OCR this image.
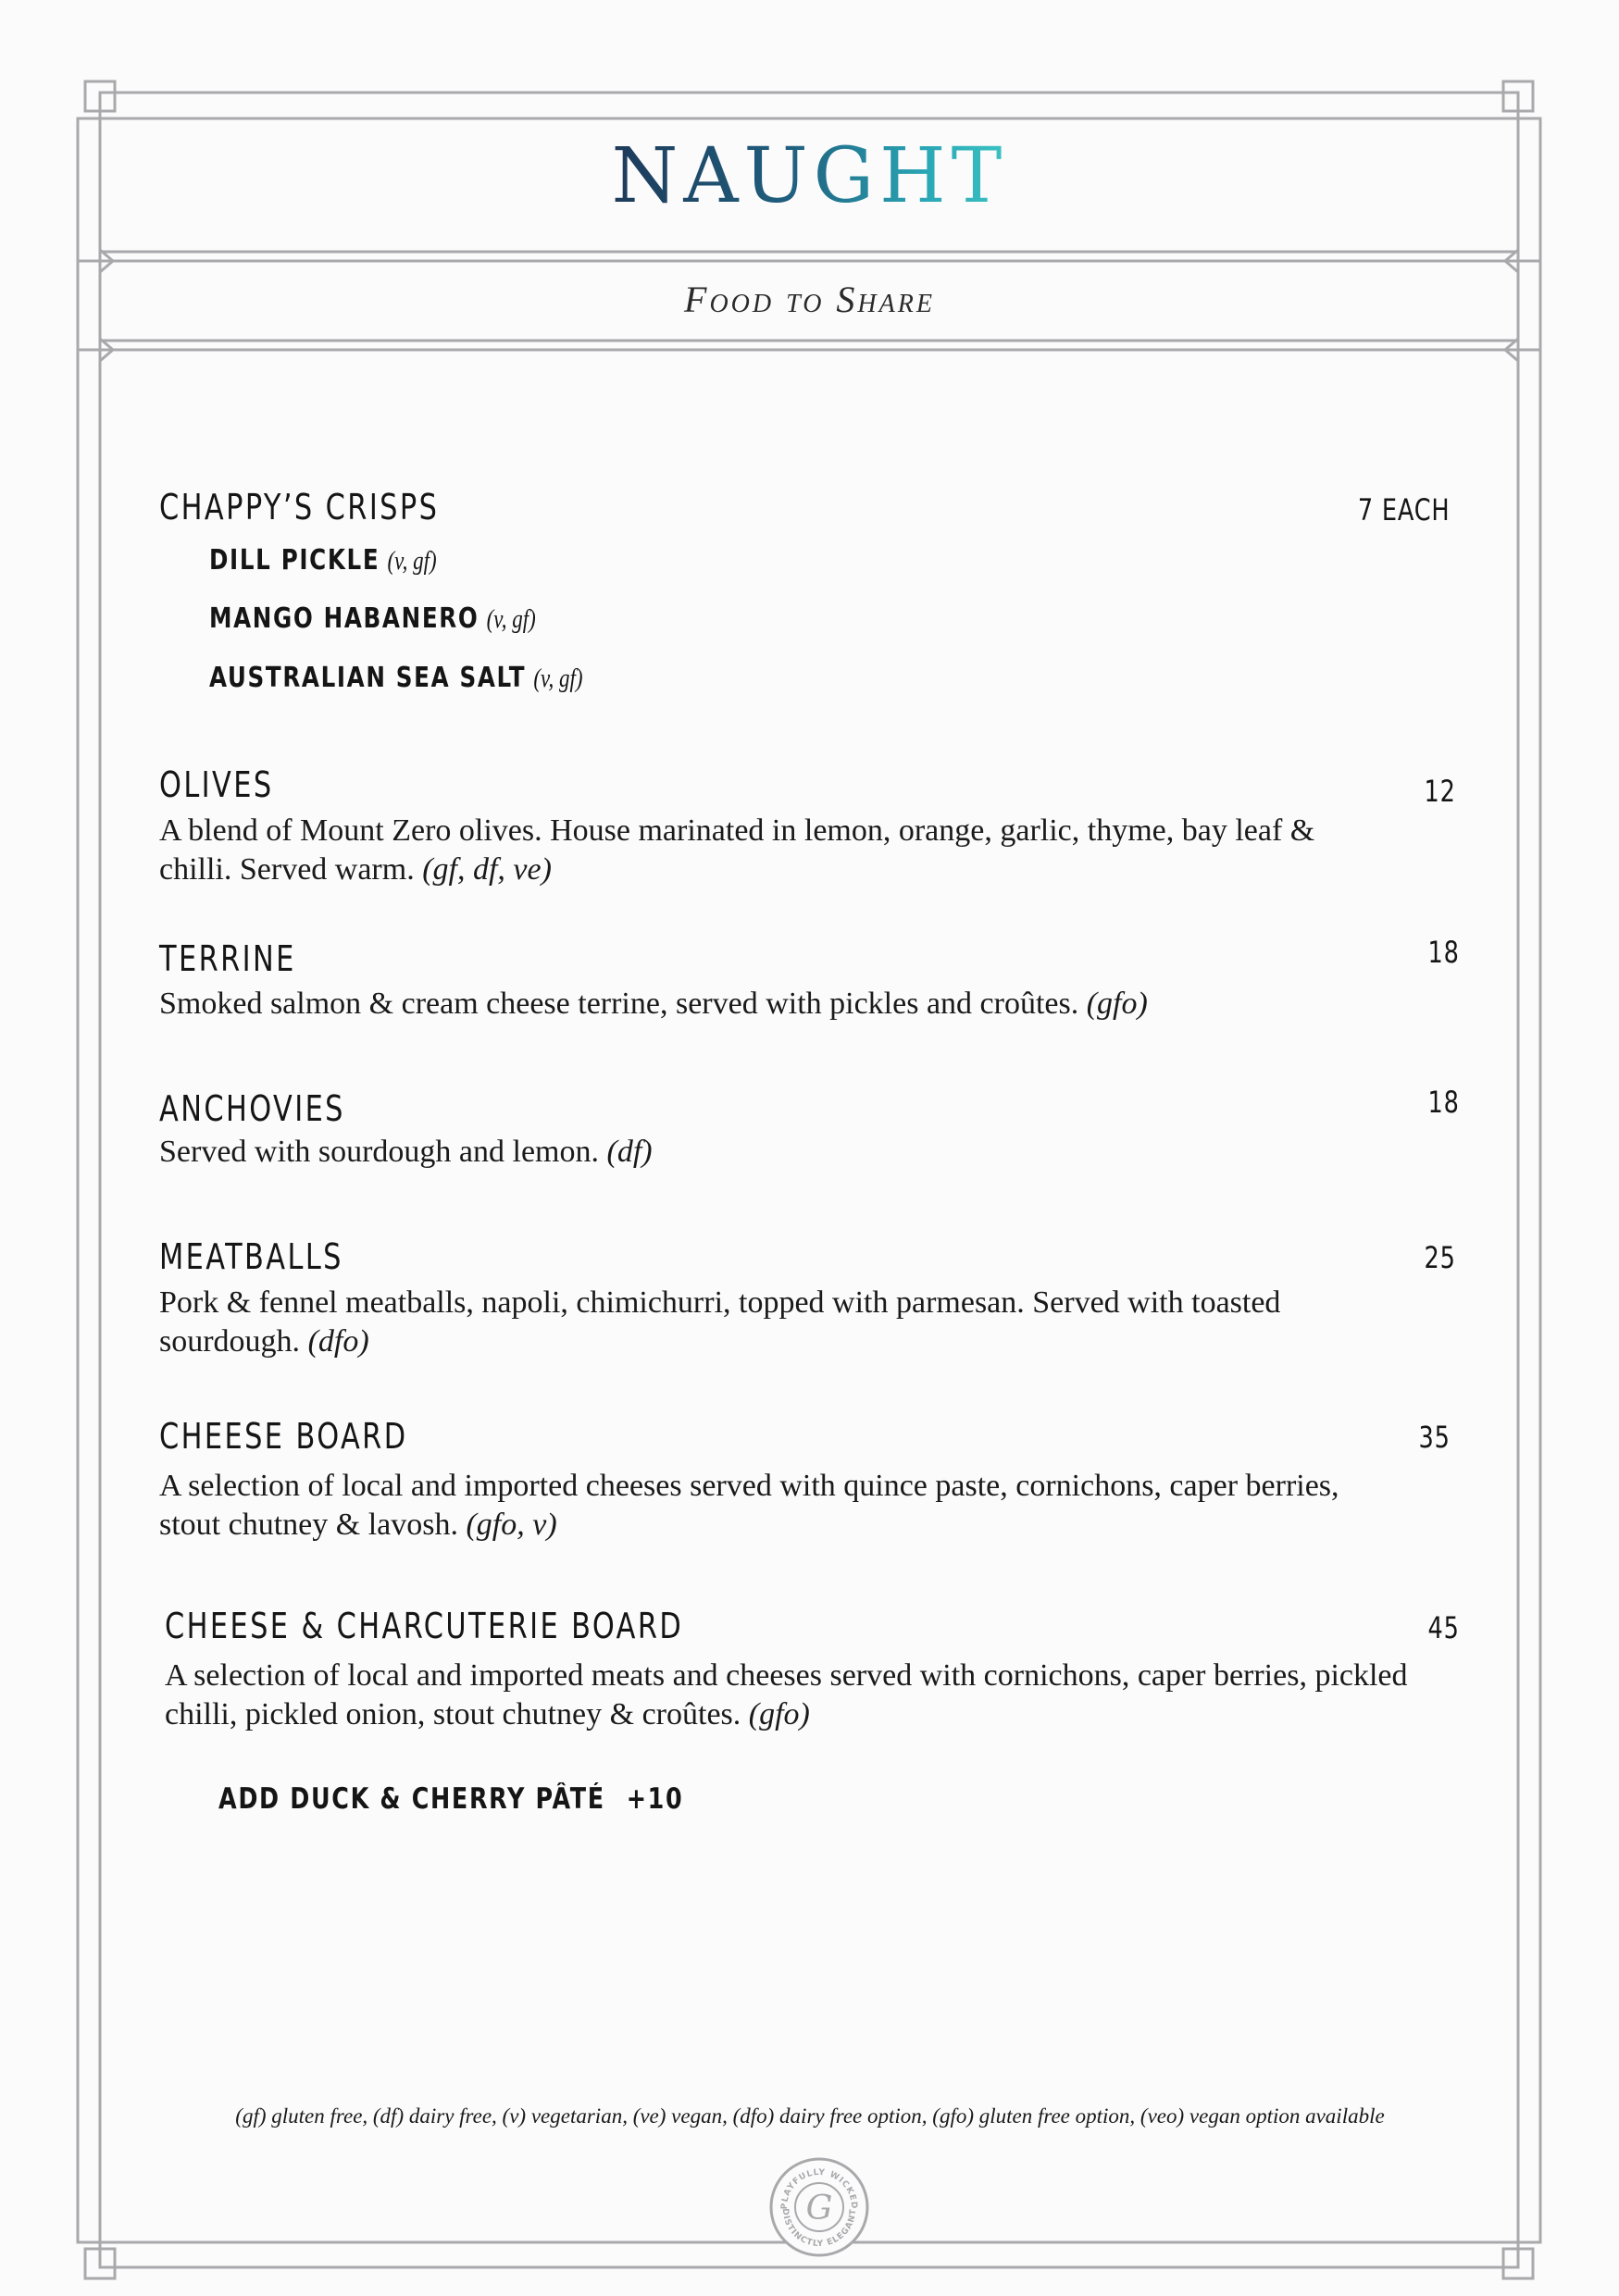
NAUGHT
Food to Share
CHAPPY’S CRISPS	7 EACH
DILL PICKLE (v, gf)
MANGO HABANERO (v, gf)
AUSTRALIAN SEA SALT (v, gf)
OLIVES	12
A blend of Mount Zero olives. House marinated in lemon, orange, garlic, thyme, bay leaf & chilli. Served warm. (gf, df, ve)
TERRINE	18
Smoked salmon & cream cheese terrine, served with pickles and croûtes. (gfo)
ANCHOVIES	18
Served with sourdough and lemon. (df)
MEATBALLS	25
Pork & fennel meatballs, napoli, chimichurri, topped with parmesan. Served with toasted sourdough. (dfo)
CHEESE BOARD	35
A selection of local and imported cheeses served with quince paste, cornichons, caper berries, stout chutney & lavosh. (gfo, v)
CHEESE & CHARCUTERIE BOARD	45
A selection of local and imported meats and cheeses served with cornichons, caper berries, pickled chilli, pickled onion, stout chutney & croûtes. (gfo)
ADD DUCK & CHERRY PÂTÉ +10
(gf) gluten free, (df) dairy free, (v) vegetarian, (ve) vegan, (dfo) dairy free option, (gfo) gluten free option, (veo) vegan option available
PLAYFULLY WICKED
DISTINCTLY ELEGANT
G
